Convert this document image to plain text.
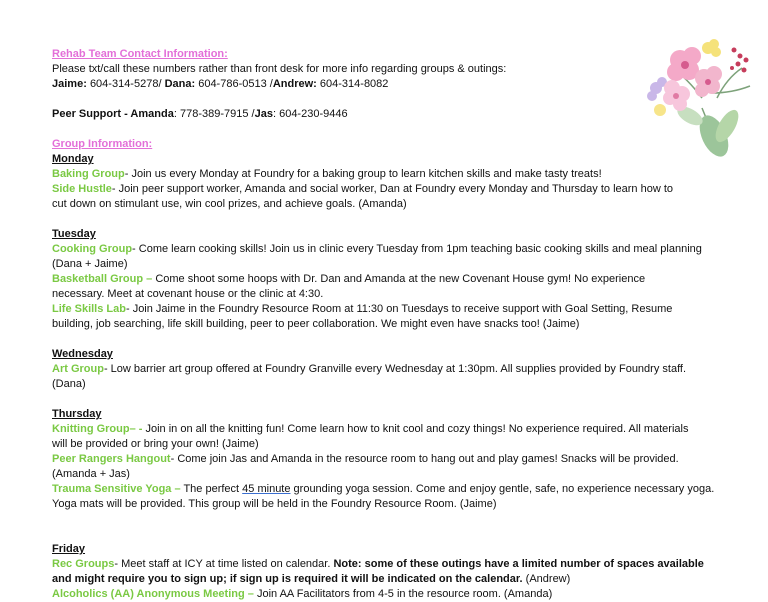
Rehab Team Contact Information:
Please txt/call these numbers rather than front desk for more info regarding groups & outings:
Jaime: 604-314-5278/ Dana: 604-786-0513 /Andrew: 604-314-8082
Peer Support - Amanda: 778-389-7915 /Jas: 604-230-9446
Group Information:
Monday
Baking Group- Join us every Monday at Foundry for a baking group to learn kitchen skills and make tasty treats!
Side Hustle- Join peer support worker, Amanda and social worker, Dan at Foundry every Monday and Thursday to learn how to
cut down on stimulant use, win cool prizes, and achieve goals. (Amanda)
Tuesday
Cooking Group- Come learn cooking skills! Join us in clinic every Tuesday from 1pm teaching basic cooking skills and meal planning
(Dana + Jaime)
Basketball Group – Come shoot some hoops with Dr. Dan and Amanda at the new Covenant House gym! No experience
necessary. Meet at covenant house or the clinic at 4:30.
Life Skills Lab- Join Jaime in the Foundry Resource Room at 11:30 on Tuesdays to receive support with Goal Setting, Resume
building, job searching, life skill building, peer to peer collaboration. We might even have snacks too! (Jaime)
Wednesday
Art Group- Low barrier art group offered at Foundry Granville every Wednesday at 1:30pm. All supplies provided by Foundry staff.
(Dana)
Thursday
Knitting Group– - Join in on all the knitting fun! Come learn how to knit cool and cozy things! No experience required. All materials
will be provided or bring your own! (Jaime)
Peer Rangers Hangout- Come join Jas and Amanda in the resource room to hang out and play games! Snacks will be provided.
(Amanda + Jas)
Trauma Sensitive Yoga – The perfect 45 minute grounding yoga session. Come and enjoy gentle, safe, no experience necessary yoga.
Yoga mats will be provided. This group will be held in the Foundry Resource Room. (Jaime)
Friday
Rec Groups- Meet staff at ICY at time listed on calendar. Note: some of these outings have a limited number of spaces available
and might require you to sign up; if sign up is required it will be indicated on the calendar. (Andrew)
Alcoholics (AA) Anonymous Meeting – Join AA Facilitators from 4-5 in the resource room. (Amanda)
